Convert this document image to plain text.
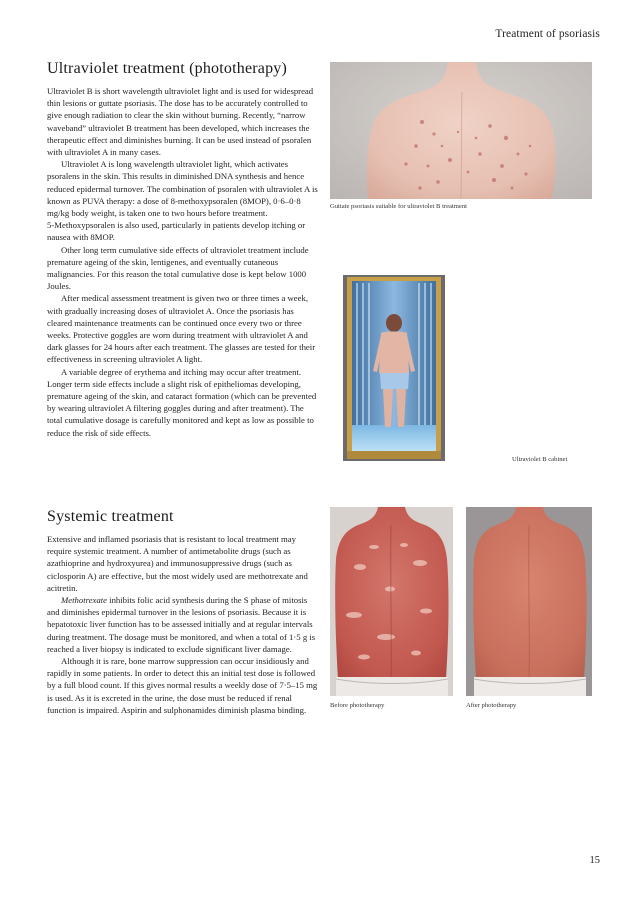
Treatment of psoriasis
Ultraviolet treatment (phototherapy)

Ultraviolet B is short wavelength ultraviolet light and is used for widespread thin lesions or guttate psoriasis. The dose has to be accurately controlled to give enough radiation to clear the skin without burning. Recently, “narrow waveband” ultraviolet B treatment has been developed, which increases the therapeutic effect and diminishes burning. It can be used instead of psoralen with ultraviolet A in many cases.

Ultraviolet A is long wavelength ultraviolet light, which activates psoralens in the skin. This results in diminished DNA synthesis and hence reduced epidermal turnover. The combination of psoralen with ultraviolet A is known as PUVA therapy: a dose of 8-methoxypsoralen (8MOP), 0·6–0·8 mg/kg body weight, is taken one to two hours before treatment.

5-Methoxypsoralen is also used, particularly in patients develop itching or nausea with 8MOP.

Other long term cumulative side effects of ultraviolet treatment include premature ageing of the skin, lentigenes, and eventually cutaneous malignancies. For this reason the total cumulative dose is kept below 1000 Joules.

After medical assessment treatment is given two or three times a week, with gradually increasing doses of ultraviolet A. Once the psoriasis has cleared maintenance treatments can be continued once every two or three weeks. Protective goggles are worn during treatment with ultraviolet A and dark glasses for 24 hours after each treatment. The glasses are tested for their effectiveness in screening ultraviolet A light.

A variable degree of erythema and itching may occur after treatment. Longer term side effects include a slight risk of epitheliomas developing, premature ageing of the skin, and cataract formation (which can be prevented by wearing ultraviolet A filtering goggles during and after treatment). The total cumulative dosage is carefully monitored and kept as low as possible to reduce the risk of side effects.

Systemic treatment

Extensive and inflamed psoriasis that is resistant to local treatment may require systemic treatment. A number of antimetabolite drugs (such as azathioprine and hydroxyurea) and immunosuppressive drugs (such as ciclosporin A) are effective, but the most widely used are methotrexate and acitretin.

Methotrexate inhibits folic acid synthesis during the S phase of mitosis and diminishes epidermal turnover in the lesions of psoriasis. Because it is hepatotoxic liver function has to be assessed initially and at regular intervals during treatment. The dosage must be monitored, and when a total of 1·5 g is reached a liver biopsy is indicated to exclude significant liver damage.

Although it is rare, bone marrow suppression can occur insidiously and rapidly in some patients. In order to detect this an initial test dose is followed by a full blood count. If this gives normal results a weekly dose of 7·5–15 mg is used. As it is excreted in the urine, the dose must be reduced if renal function is impaired. Aspirin and sulphonamides diminish plasma binding.

Guttate psoriasis suitable for ultraviolet B treatment
Ultraviolet B cabinet
Before phototherapy	After phototherapy
15
